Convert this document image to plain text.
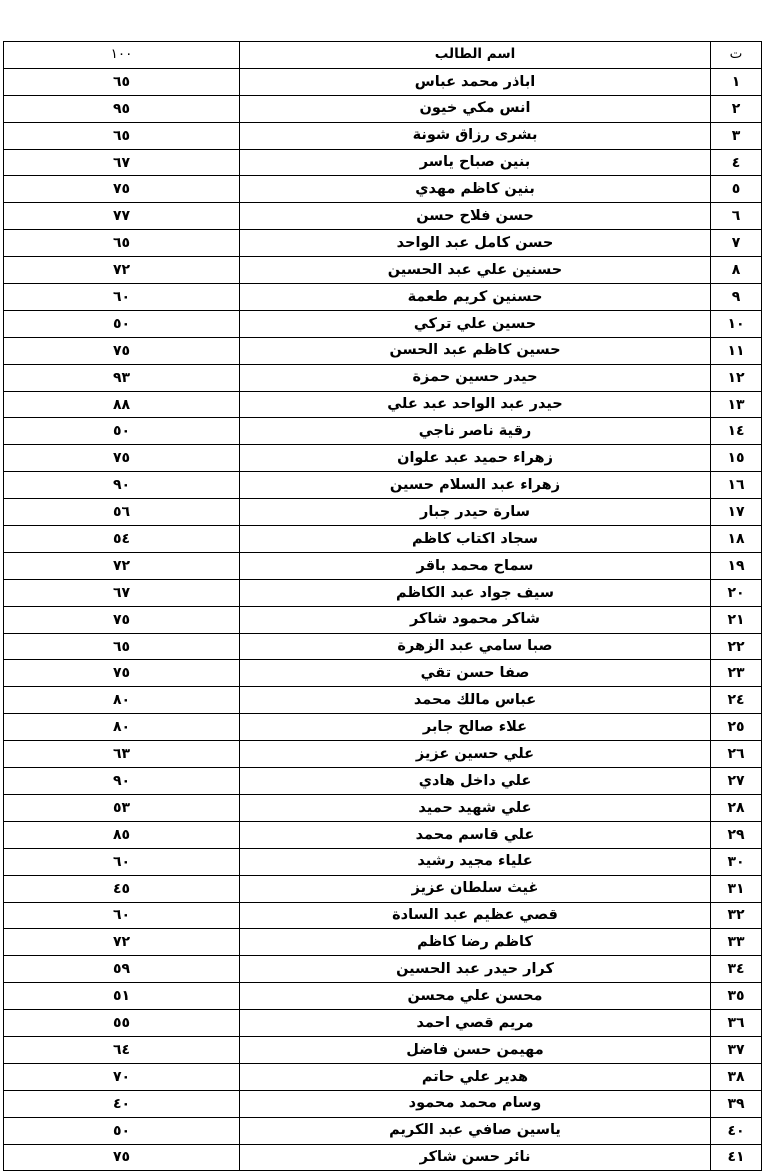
ت	اسم الطالب	١٠٠
١	اباذر محمد عباس	٦٥
٢	انس مكي خيون	٩٥
٣	بشرى رزاق شونة	٦٥
٤	بنين صباح ياسر	٦٧
٥	بنين كاظم مهدي	٧٥
٦	حسن فلاح حسن	٧٧
٧	حسن كامل عبد الواحد	٦٥
٨	حسنين علي عبد الحسين	٧٢
٩	حسنين كريم طعمة	٦٠
١٠	حسين علي تركي	٥٠
١١	حسين كاظم عبد الحسن	٧٥
١٢	حيدر حسين حمزة	٩٣
١٣	حيدر عبد الواحد عبد علي	٨٨
١٤	رقية ناصر ناجي	٥٠
١٥	زهراء حميد عبد علوان	٧٥
١٦	زهراء عبد السلام حسين	٩٠
١٧	سارة حيدر جبار	٥٦
١٨	سجاد اكتاب كاظم	٥٤
١٩	سماح محمد باقر	٧٢
٢٠	سيف جواد عبد الكاظم	٦٧
٢١	شاكر محمود شاكر	٧٥
٢٢	صبا سامي عبد الزهرة	٦٥
٢٣	صفا حسن تقي	٧٥
٢٤	عباس مالك محمد	٨٠
٢٥	علاء صالح جابر	٨٠
٢٦	علي حسين عزيز	٦٣
٢٧	علي داخل هادي	٩٠
٢٨	علي شهيد حميد	٥٣
٢٩	علي قاسم محمد	٨٥
٣٠	علياء مجيد رشيد	٦٠
٣١	غيث سلطان عزيز	٤٥
٣٢	قصي عظيم عبد السادة	٦٠
٣٣	كاظم رضا كاظم	٧٢
٣٤	كرار حيدر عبد الحسين	٥٩
٣٥	محسن علي محسن	٥١
٣٦	مريم قصي احمد	٥٥
٣٧	مهيمن حسن فاضل	٦٤
٣٨	هدير علي حاتم	٧٠
٣٩	وسام محمد محمود	٤٠
٤٠	ياسين صافي عبد الكريم	٥٠
٤١	نائر حسن شاكر	٧٥
